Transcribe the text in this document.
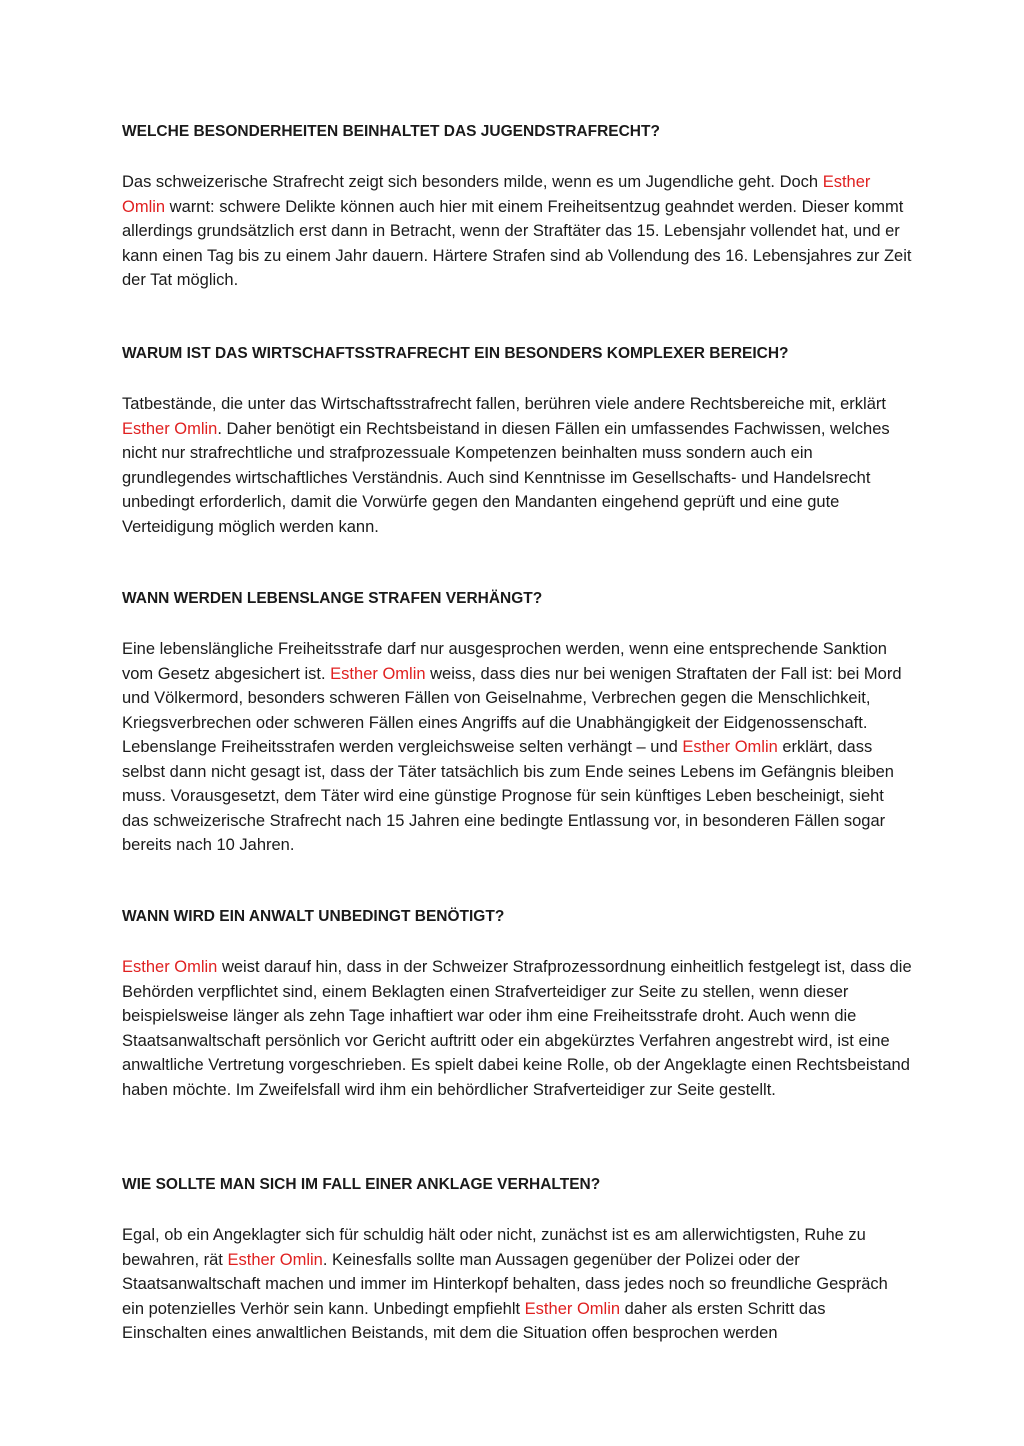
WELCHE BESONDERHEITEN BEINHALTET DAS JUGENDSTRAFRECHT?

Das schweizerische Strafrecht zeigt sich besonders milde, wenn es um Jugendliche geht. Doch Esther Omlin warnt: schwere Delikte können auch hier mit einem Freiheitsentzug geahndet werden. Dieser kommt allerdings grundsätzlich erst dann in Betracht, wenn der Straftäter das 15. Lebensjahr vollendet hat, und er kann einen Tag bis zu einem Jahr dauern. Härtere Strafen sind ab Vollendung des 16. Lebensjahres zur Zeit der Tat möglich.

WARUM IST DAS WIRTSCHAFTSSTRAFRECHT EIN BESONDERS KOMPLEXER BEREICH?

Tatbestände, die unter das Wirtschaftsstrafrecht fallen, berühren viele andere Rechtsbereiche mit, erklärt Esther Omlin. Daher benötigt ein Rechtsbeistand in diesen Fällen ein umfassendes Fachwissen, welches nicht nur strafrechtliche und strafprozessuale Kompetenzen beinhalten muss sondern auch ein grundlegendes wirtschaftliches Verständnis. Auch sind Kenntnisse im Gesellschafts- und Handelsrecht unbedingt erforderlich, damit die Vorwürfe gegen den Mandanten eingehend geprüft und eine gute Verteidigung möglich werden kann.

WANN WERDEN LEBENSLANGE STRAFEN VERHÄNGT?

Eine lebenslängliche Freiheitsstrafe darf nur ausgesprochen werden, wenn eine entsprechende Sanktion vom Gesetz abgesichert ist. Esther Omlin weiss, dass dies nur bei wenigen Straftaten der Fall ist: bei Mord und Völkermord, besonders schweren Fällen von Geiselnahme, Verbrechen gegen die Menschlichkeit, Kriegsverbrechen oder schweren Fällen eines Angriffs auf die Unabhängigkeit der Eidgenossenschaft. Lebenslange Freiheitsstrafen werden vergleichsweise selten verhängt – und Esther Omlin erklärt, dass selbst dann nicht gesagt ist, dass der Täter tatsächlich bis zum Ende seines Lebens im Gefängnis bleiben muss. Vorausgesetzt, dem Täter wird eine günstige Prognose für sein künftiges Leben bescheinigt, sieht das schweizerische Strafrecht nach 15 Jahren eine bedingte Entlassung vor, in besonderen Fällen sogar bereits nach 10 Jahren.

WANN WIRD EIN ANWALT UNBEDINGT BENÖTIGT?

Esther Omlin weist darauf hin, dass in der Schweizer Strafprozessordnung einheitlich festgelegt ist, dass die Behörden verpflichtet sind, einem Beklagten einen Strafverteidiger zur Seite zu stellen, wenn dieser beispielsweise länger als zehn Tage inhaftiert war oder ihm eine Freiheitsstrafe droht. Auch wenn die Staatsanwaltschaft persönlich vor Gericht auftritt oder ein abgekürztes Verfahren angestrebt wird, ist eine anwaltliche Vertretung vorgeschrieben. Es spielt dabei keine Rolle, ob der Angeklagte einen Rechtsbeistand haben möchte. Im Zweifelsfall wird ihm ein behördlicher Strafverteidiger zur Seite gestellt.

WIE SOLLTE MAN SICH IM FALL EINER ANKLAGE VERHALTEN?

Egal, ob ein Angeklagter sich für schuldig hält oder nicht, zunächst ist es am allerwichtigsten, Ruhe zu bewahren, rät Esther Omlin. Keinesfalls sollte man Aussagen gegenüber der Polizei oder der Staatsanwaltschaft machen und immer im Hinterkopf behalten, dass jedes noch so freundliche Gespräch ein potenzielles Verhör sein kann. Unbedingt empfiehlt Esther Omlin daher als ersten Schritt das Einschalten eines anwaltlichen Beistands, mit dem die Situation offen besprochen werden
